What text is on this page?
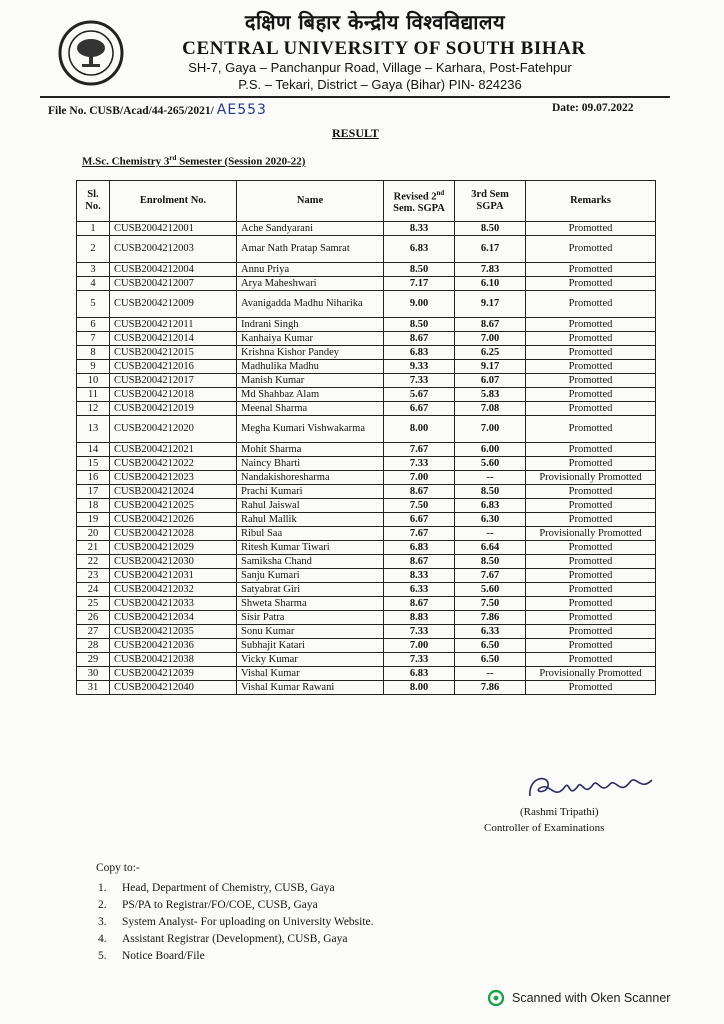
दक्षिण बिहार केन्द्रीय विश्वविद्यालय
CENTRAL UNIVERSITY OF SOUTH BIHAR
SH-7, Gaya – Panchanpur Road, Village – Karhara, Post-Fatehpur
P.S. – Tekari, District – Gaya (Bihar) PIN- 824236
File No. CUSB/Acad/44-265/2021/ AE553	Date: 09.07.2022
RESULT
M.Sc. Chemistry 3rd Semester (Session 2020-22)
Sl. No.	Enrolment No.	Name	Revised 2nd
Sem. SGPA	3rd Sem SGPA	Remarks
1	CUSB2004212001	Ache Sandyarani	8.33	8.50	Promotted
2	CUSB2004212003	Amar Nath Pratap Samrat	6.83	6.17	Promotted
3	CUSB2004212004	Annu Priya	8.50	7.83	Promotted
4	CUSB2004212007	Arya Maheshwari	7.17	6.10	Promotted
5	CUSB2004212009	Avanigadda Madhu Niharika	9.00	9.17	Promotted
6	CUSB2004212011	Indrani Singh	8.50	8.67	Promotted
7	CUSB2004212014	Kanhaiya Kumar	8.67	7.00	Promotted
8	CUSB2004212015	Krishna Kishor Pandey	6.83	6.25	Promotted
9	CUSB2004212016	Madhulika Madhu	9.33	9.17	Promotted
10	CUSB2004212017	Manish Kumar	7.33	6.07	Promotted
11	CUSB2004212018	Md Shahbaz Alam	5.67	5.83	Promotted
12	CUSB2004212019	Meenal Sharma	6.67	7.08	Promotted
13	CUSB2004212020	Megha Kumari Vishwakarma	8.00	7.00	Promotted
14	CUSB2004212021	Mohit Sharma	7.67	6.00	Promotted
15	CUSB2004212022	Naincy Bharti	7.33	5.60	Promotted
16	CUSB2004212023	Nandakishoresharma	7.00	--	Provisionally Promotted
17	CUSB2004212024	Prachi Kumari	8.67	8.50	Promotted
18	CUSB2004212025	Rahul Jaiswal	7.50	6.83	Promotted
19	CUSB2004212026	Rahul Mallik	6.67	6.30	Promotted
20	CUSB2004212028	Ribul Saa	7.67	--	Provisionally Promotted
21	CUSB2004212029	Ritesh Kumar Tiwari	6.83	6.64	Promotted
22	CUSB2004212030	Samiksha Chand	8.67	8.50	Promotted
23	CUSB2004212031	Sanju Kumari	8.33	7.67	Promotted
24	CUSB2004212032	Satyabrat Giri	6.33	5.60	Promotted
25	CUSB2004212033	Shweta Sharma	8.67	7.50	Promotted
26	CUSB2004212034	Sisir Patra	8.83	7.86	Promotted
27	CUSB2004212035	Sonu Kumar	7.33	6.33	Promotted
28	CUSB2004212036	Subhajit Katari	7.00	6.50	Promotted
29	CUSB2004212038	Vicky Kumar	7.33	6.50	Promotted
30	CUSB2004212039	Vishal Kumar	6.83	--	Provisionally Promotted
31	CUSB2004212040	Vishal Kumar Rawani	8.00	7.86	Promotted
(Rashmi Tripathi)
Controller of Examinations
Copy to:-
1. Head, Department of Chemistry, CUSB, Gaya
2. PS/PA to Registrar/FO/COE, CUSB, Gaya
3. System Analyst- For uploading on University Website.
4. Assistant Registrar (Development), CUSB, Gaya
5. Notice Board/File
Scanned with Oken Scanner
